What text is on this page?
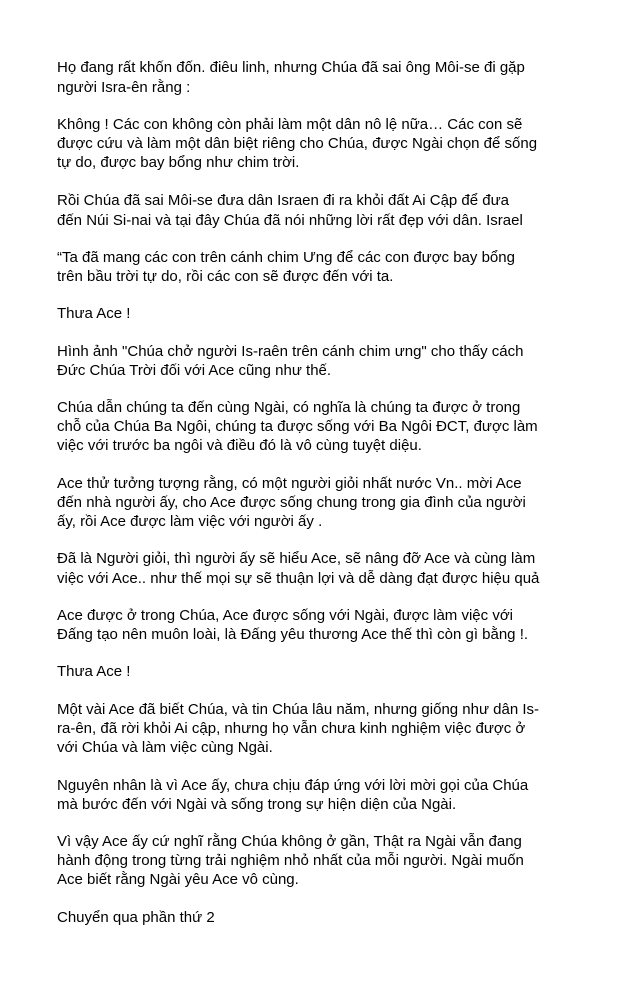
Họ đang rất khốn đốn. điêu linh, nhưng Chúa đã sai ông Môi-se đi gặp
người Isra-ên rằng :
Không ! Các con không còn phải làm một dân nô lệ nữa… Các con sẽ
được cứu và làm một dân biệt riêng cho Chúa, được Ngài chọn để sống
tự do, được bay bổng như chim trời.
Rồi Chúa đã sai Môi-se đưa dân Israen đi ra khỏi đất Ai Cập để đưa
đến Núi Si-nai và tại đây Chúa đã nói những lời rất đẹp với dân. Israel
“Ta đã mang các con trên cánh chim Ưng để các con được bay bổng
trên bầu trời tự do, rồi các con sẽ được đến với ta.
Thưa Ace !
Hình ảnh "Chúa chở người Is-raên trên cánh chim ưng" cho thấy cách
Đức Chúa Trời đối với Ace cũng như thế.
Chúa dẫn chúng ta đến cùng Ngài, có nghĩa là chúng ta được ở trong
chỗ của Chúa Ba Ngôi, chúng ta được sống với Ba Ngôi ĐCT, được làm
việc với trước ba ngôi và điều đó là vô cùng tuyệt diệu.
Ace thử tưởng tượng rằng, có một người giỏi nhất nước Vn.. mời Ace
đến nhà người ấy, cho Ace được sống chung trong gia đình của người
ấy, rồi Ace được làm việc với người ấy .
Đã là Người giỏi, thì người ấy sẽ hiểu Ace, sẽ nâng đỡ Ace và cùng làm
việc với Ace.. như thế mọi sự sẽ thuận lợi và dễ dàng đạt được hiệu quả
Ace được ở trong Chúa, Ace được sống với Ngài, được làm việc với
Đấng tạo nên muôn loài, là Đấng yêu thương Ace thế thì còn gì bằng !.
Thưa Ace !
Một vài Ace đã biết Chúa, và tin Chúa lâu năm, nhưng giống như dân Is-
ra-ên, đã rời khỏi Ai cập, nhưng họ vẫn chưa kinh nghiệm việc được ở
với Chúa và làm việc cùng Ngài.
Nguyên nhân là vì Ace ấy, chưa chịu đáp ứng với lời mời gọi của Chúa
mà bước đến với Ngài và sống trong sự hiện diện của Ngài.
Vì vậy Ace ấy cứ nghĩ rằng Chúa không ở gần, Thật ra Ngài vẫn đang
hành động trong từng trải nghiệm nhỏ nhất của mỗi người. Ngài muốn
Ace biết rằng Ngài yêu Ace vô cùng.
Chuyển qua phần thứ 2
